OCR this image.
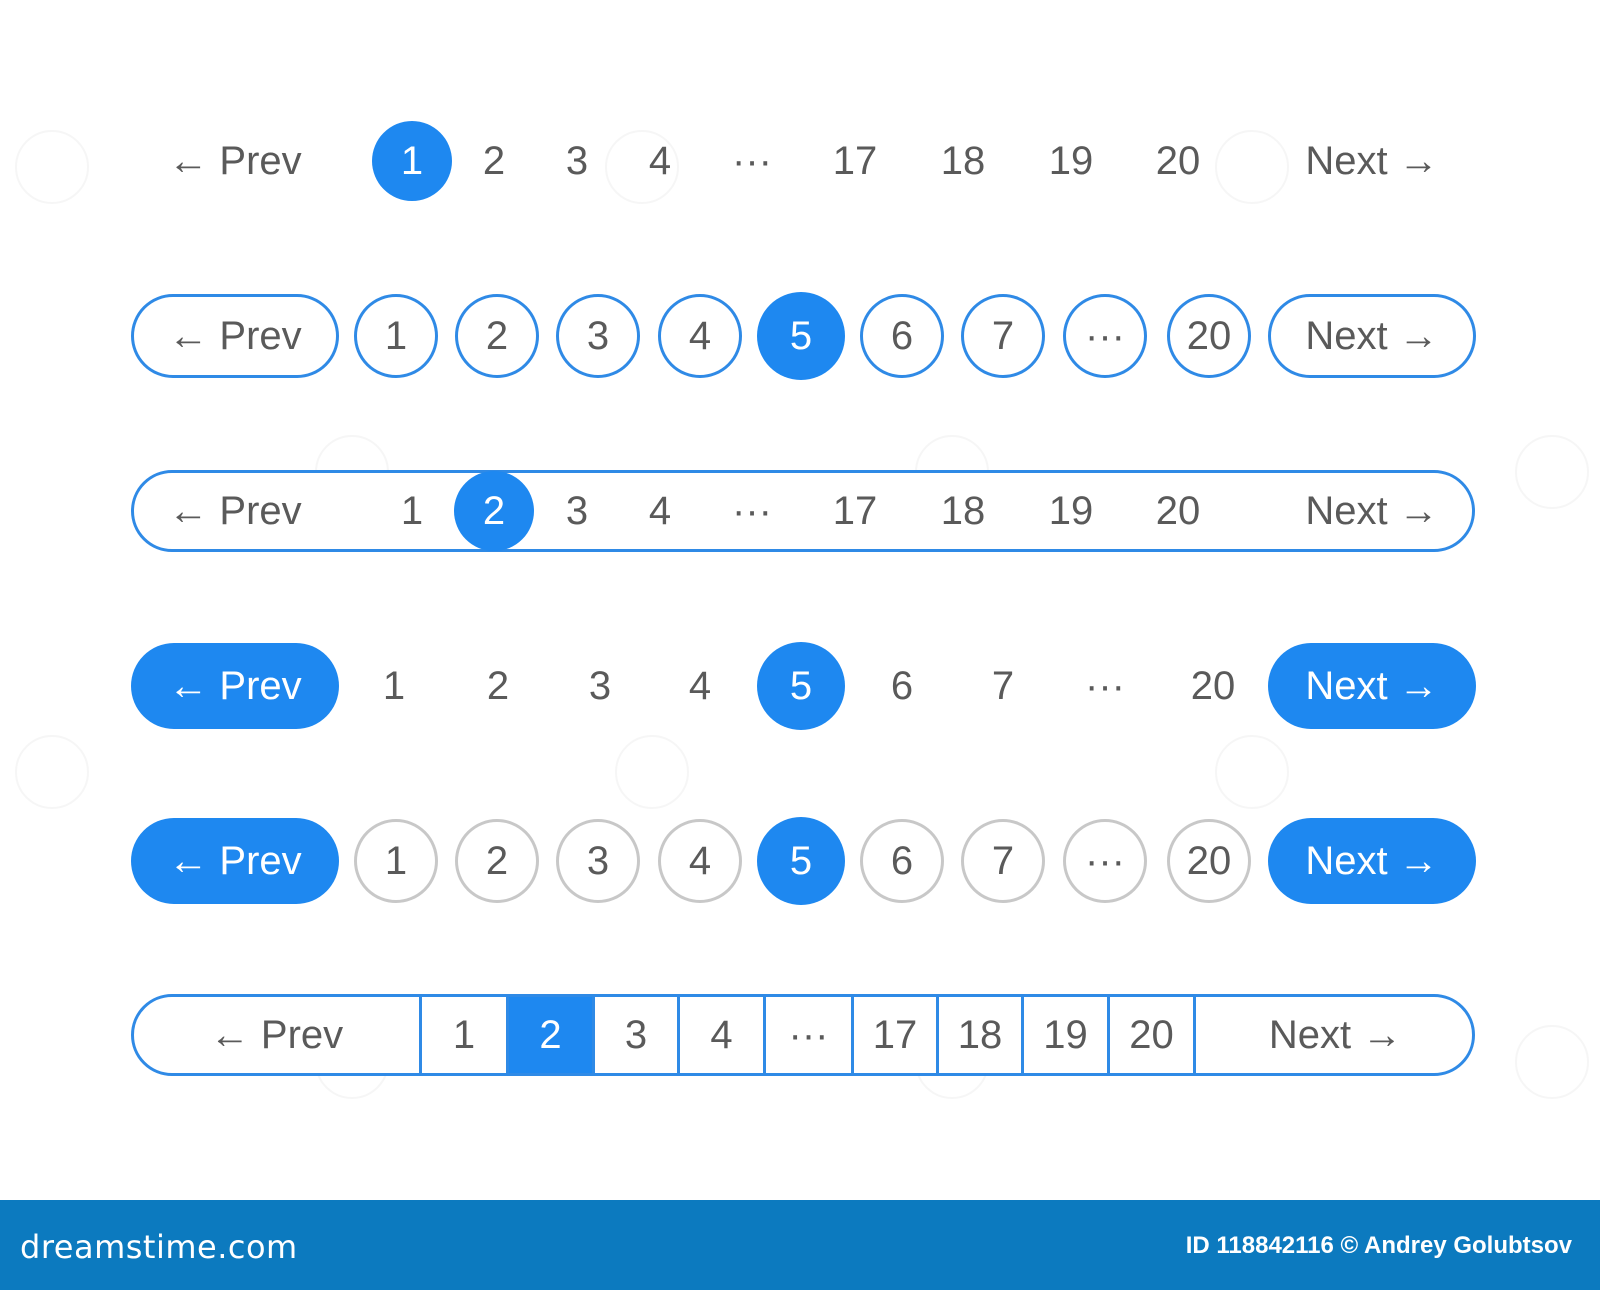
← Prev	Next →
1	2	3	4	···	17	18	19	20
← Prev	Next →
1	2	3	4	5	6	7	···	20
← Prev	Next →
1	2	3	4	···	17	18	19	20
← Prev	Next →
1	2	3	4	5	6	7	···	20
← Prev	Next →
1	2	3	4	5	6	7	···	20
← Prev	1	2	3	4	···	17	18	19	20	Next →
dreamstime.com	ID 118842116 © Andrey Golubtsov
